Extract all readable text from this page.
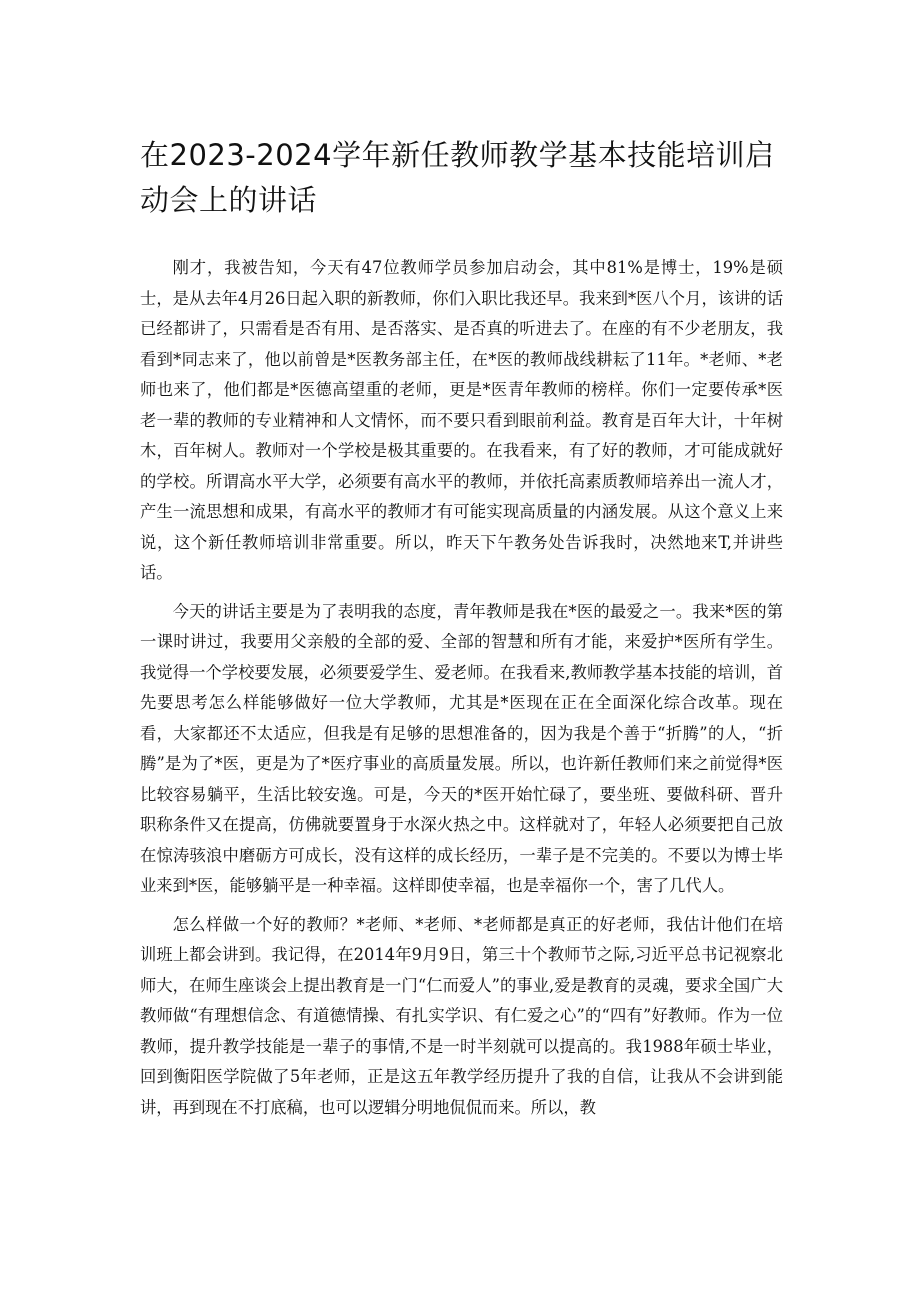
在2023-2024学年新任教师教学基本技能培训启动会上的讲话

刚才，我被告知，今天有47位教师学员参加启动会，其中81%是博士，19%是硕士，是从去年4月26日起入职的新教师，你们入职比我还早。我来到*医八个月，该讲的话已经都讲了，只需看是否有用、是否落实、是否真的听进去了。在座的有不少老朋友，我看到*同志来了，他以前曾是*医教务部主任，在*医的教师战线耕耘了11年。*老师、*老师也来了，他们都是*医德高望重的老师，更是*医青年教师的榜样。你们一定要传承*医老一辈的教师的专业精神和人文情怀，而不要只看到眼前利益。教育是百年大计，十年树木，百年树人。教师对一个学校是极其重要的。在我看来，有了好的教师，才可能成就好的学校。所谓高水平大学，必须要有高水平的教师，并依托高素质教师培养出一流人才，产生一流思想和成果，有高水平的教师才有可能实现高质量的内涵发展。从这个意义上来说，这个新任教师培训非常重要。所以，昨天下午教务处告诉我时，决然地来T,并讲些话。

今天的讲话主要是为了表明我的态度，青年教师是我在*医的最爱之一。我来*医的第一课时讲过，我要用父亲般的全部的爱、全部的智慧和所有才能，来爱护*医所有学生。我觉得一个学校要发展，必须要爱学生、爱老师。在我看来,教师教学基本技能的培训，首先要思考怎么样能够做好一位大学教师，尤其是*医现在正在全面深化综合改革。现在看，大家都还不太适应，但我是有足够的思想准备的，因为我是个善于“折腾”的人，“折腾”是为了*医，更是为了*医疗事业的高质量发展。所以，也许新任教师们来之前觉得*医比较容易躺平，生活比较安逸。可是，今天的*医开始忙碌了，要坐班、要做科研、晋升职称条件又在提高，仿佛就要置身于水深火热之中。这样就对了，年轻人必须要把自己放在惊涛骇浪中磨砺方可成长，没有这样的成长经历，一辈子是不完美的。不要以为博士毕业来到*医，能够躺平是一种幸福。这样即使幸福，也是幸福你一个，害了几代人。

怎么样做一个好的教师？*老师、*老师、*老师都是真正的好老师，我估计他们在培训班上都会讲到。我记得，在2014年9月9日，第三十个教师节之际,习近平总书记视察北师大，在师生座谈会上提出教育是一门“仁而爱人”的事业,爱是教育的灵魂，要求全国广大教师做“有理想信念、有道德情操、有扎实学识、有仁爱之心”的“四有”好教师。作为一位教师，提升教学技能是一辈子的事情,不是一时半刻就可以提高的。我1988年硕士毕业，回到衡阳医学院做了5年老师，正是这五年教学经历提升了我的自信，让我从不会讲到能讲，再到现在不打底稿，也可以逻辑分明地侃侃而来。所以，教
